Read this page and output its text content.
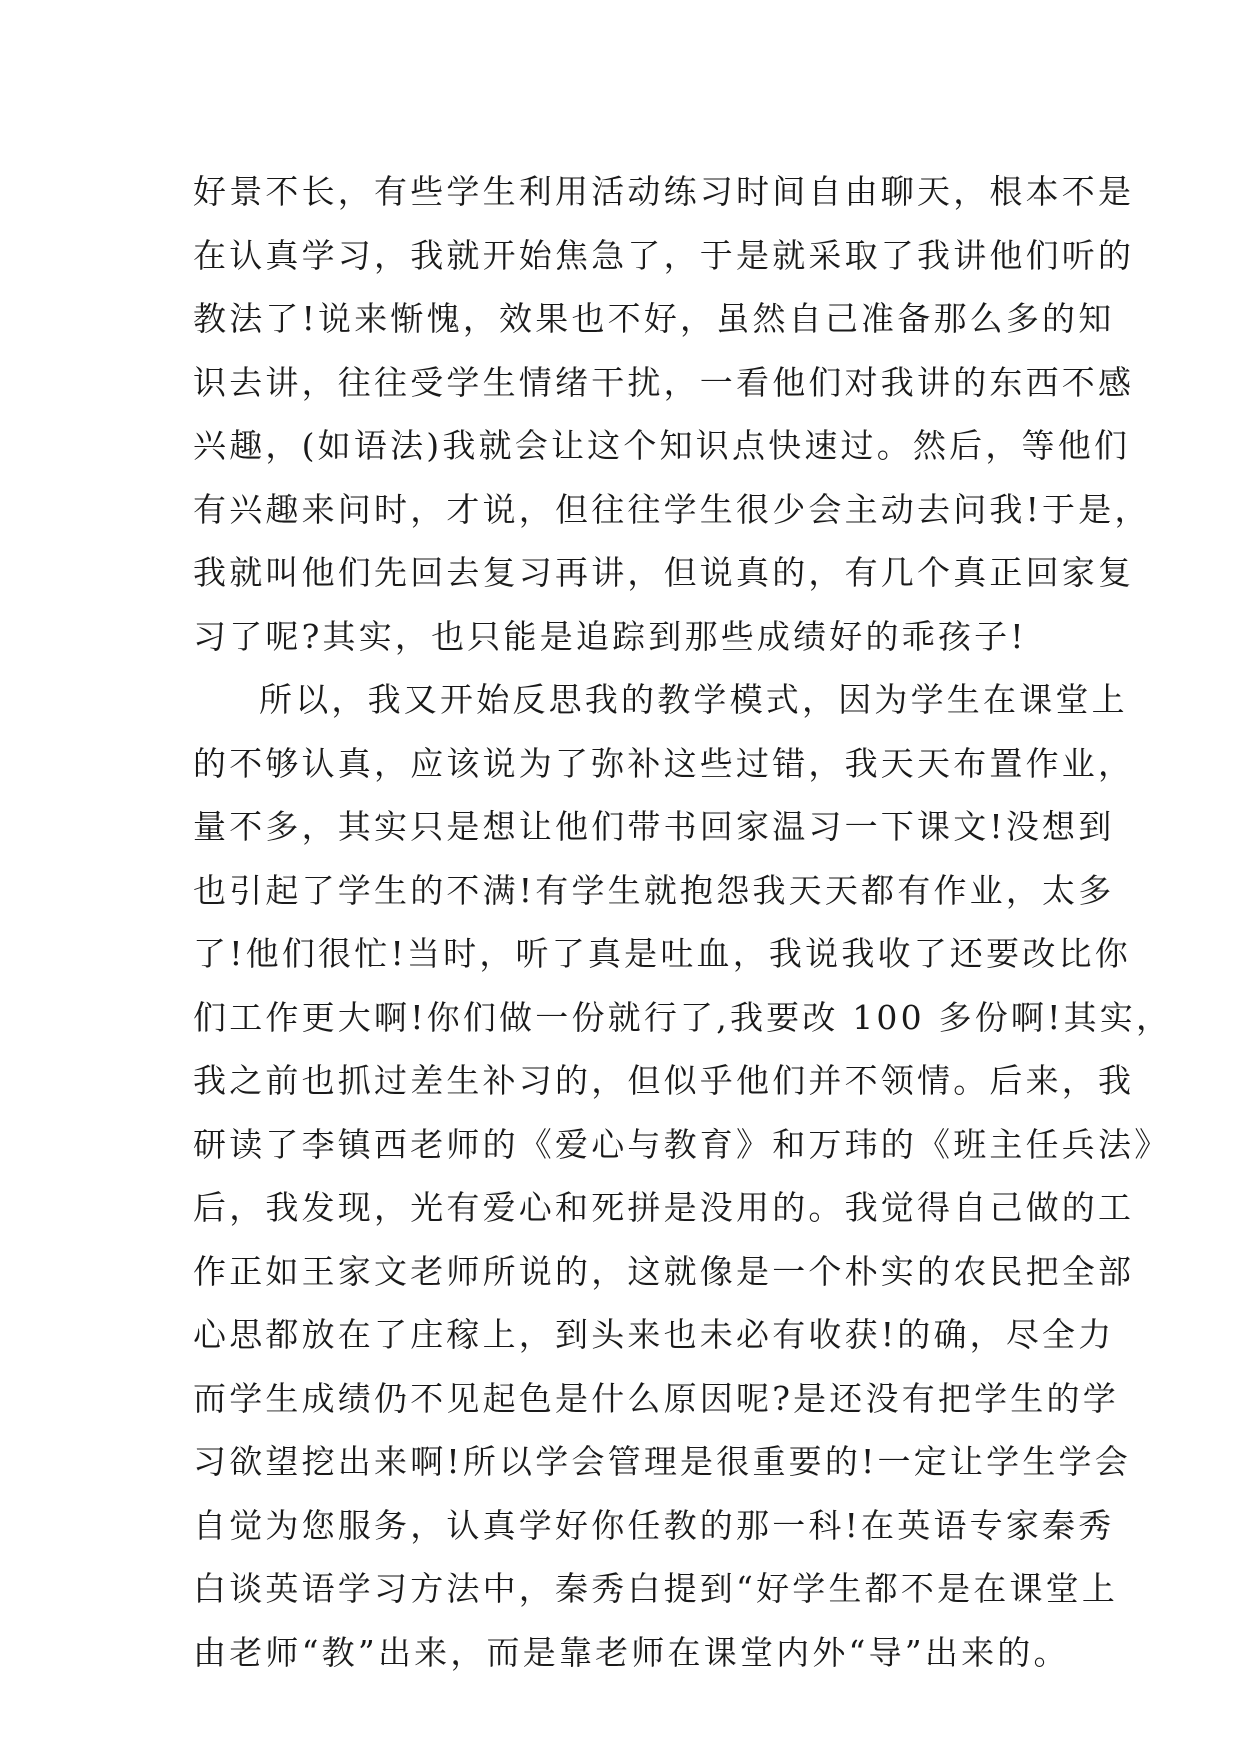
好景不长，有些学生利用活动练习时间自由聊天，根本不是
在认真学习，我就开始焦急了，于是就采取了我讲他们听的
教法了!说来惭愧，效果也不好，虽然自己准备那么多的知
识去讲，往往受学生情绪干扰，一看他们对我讲的东西不感
兴趣，(如语法)我就会让这个知识点快速过。然后，等他们
有兴趣来问时，才说，但往往学生很少会主动去问我!于是，
我就叫他们先回去复习再讲，但说真的，有几个真正回家复
习了呢?其实，也只能是追踪到那些成绩好的乖孩子!
所以，我又开始反思我的教学模式，因为学生在课堂上
的不够认真，应该说为了弥补这些过错，我天天布置作业，
量不多，其实只是想让他们带书回家温习一下课文!没想到
也引起了学生的不满!有学生就抱怨我天天都有作业，太多
了!他们很忙!当时，听了真是吐血，我说我收了还要改比你
们工作更大啊!你们做一份就行了,我要改 100 多份啊!其实，
我之前也抓过差生补习的，但似乎他们并不领情。后来，我
研读了李镇西老师的《爱心与教育》和万玮的《班主任兵法》
后，我发现，光有爱心和死拼是没用的。我觉得自己做的工
作正如王家文老师所说的，这就像是一个朴实的农民把全部
心思都放在了庄稼上，到头来也未必有收获!的确，尽全力
而学生成绩仍不见起色是什么原因呢?是还没有把学生的学
习欲望挖出来啊!所以学会管理是很重要的!一定让学生学会
自觉为您服务，认真学好你任教的那一科!在英语专家秦秀
白谈英语学习方法中，秦秀白提到“好学生都不是在课堂上
由老师“教”出来，而是靠老师在课堂内外“导”出来的。
